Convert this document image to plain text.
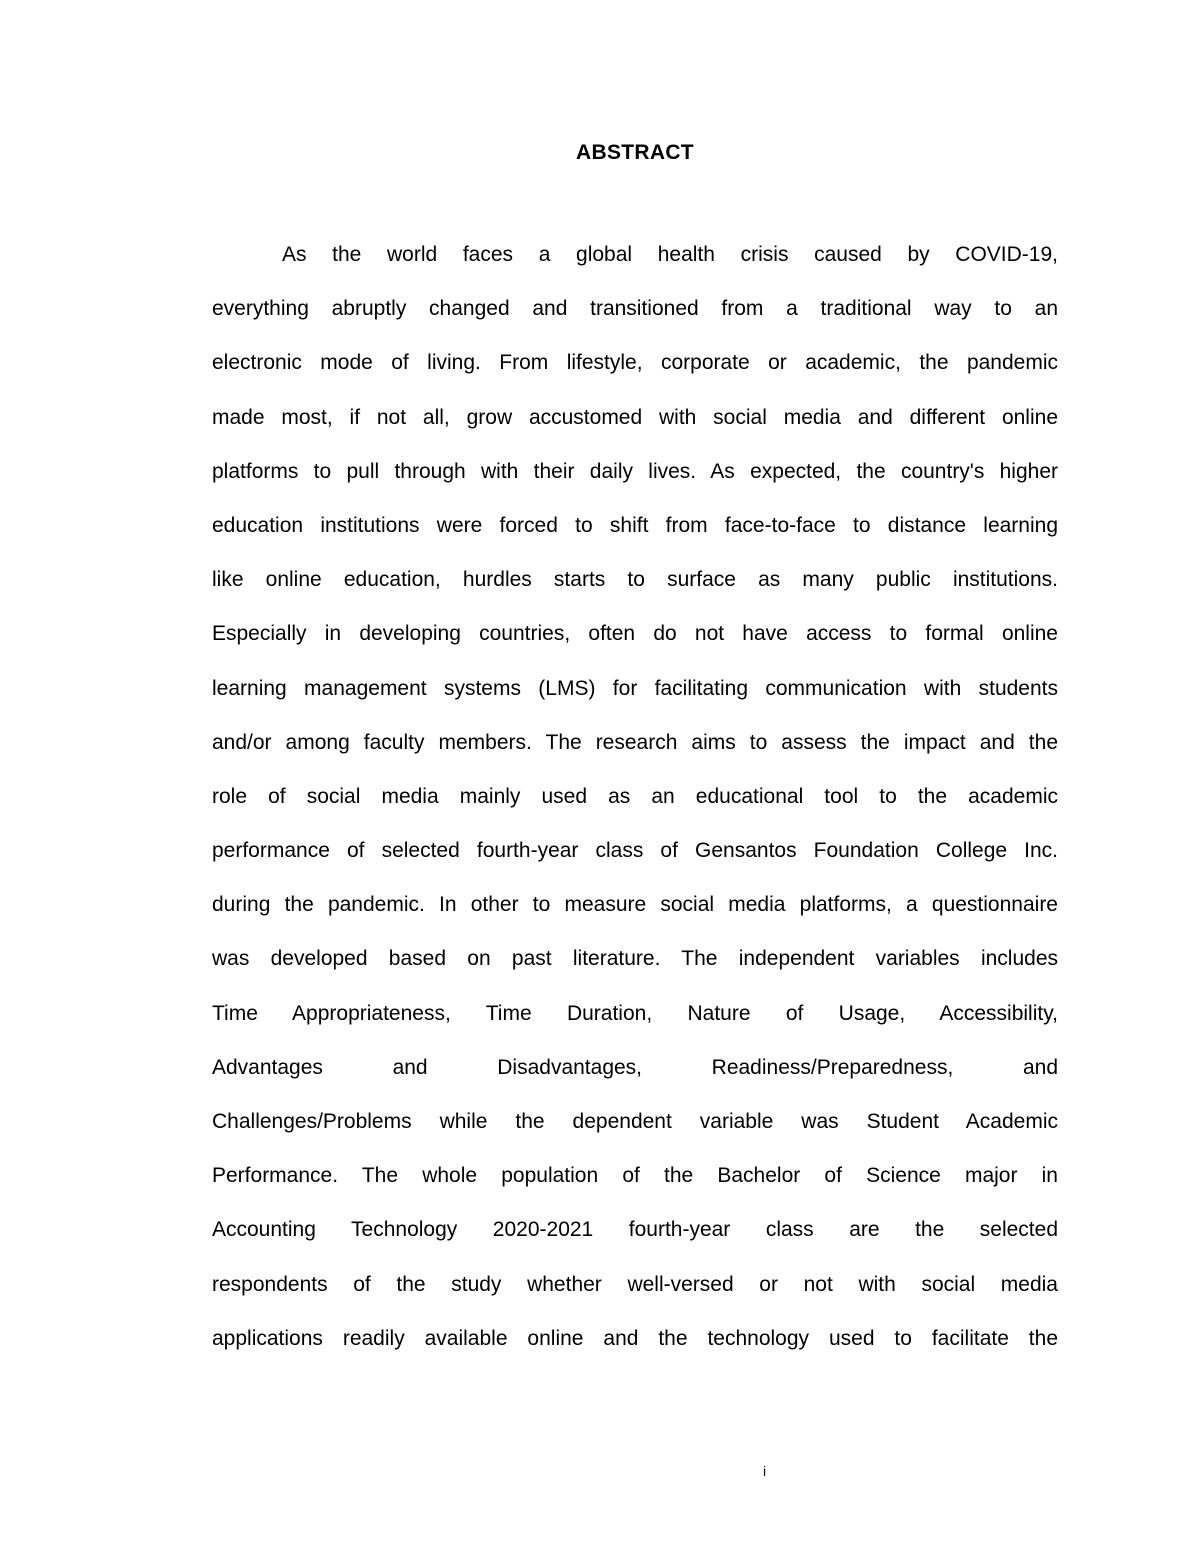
ABSTRACT
As the world faces a global health crisis caused by COVID-19,
everything abruptly changed and transitioned from a traditional way to an
electronic mode of living. From lifestyle, corporate or academic, the pandemic
made most, if not all, grow accustomed with social media and different online
platforms to pull through with their daily lives. As expected, the country's higher
education institutions were forced to shift from face-to-face to distance learning
like online education, hurdles starts to surface as many public institutions.
Especially in developing countries, often do not have access to formal online
learning management systems (LMS) for facilitating communication with students
and/or among faculty members. The research aims to assess the impact and the
role of social media mainly used as an educational tool to the academic
performance of selected fourth-year class of Gensantos Foundation College Inc.
during the pandemic. In other to measure social media platforms, a questionnaire
was developed based on past literature. The independent variables includes
Time Appropriateness, Time Duration, Nature of Usage, Accessibility,
Advantages and Disadvantages, Readiness/Preparedness, and
Challenges/Problems while the dependent variable was Student Academic
Performance. The whole population of the Bachelor of Science major in
Accounting Technology 2020-2021 fourth-year class are the selected
respondents of the study whether well-versed or not with social media
applications readily available online and the technology used to facilitate the
i
